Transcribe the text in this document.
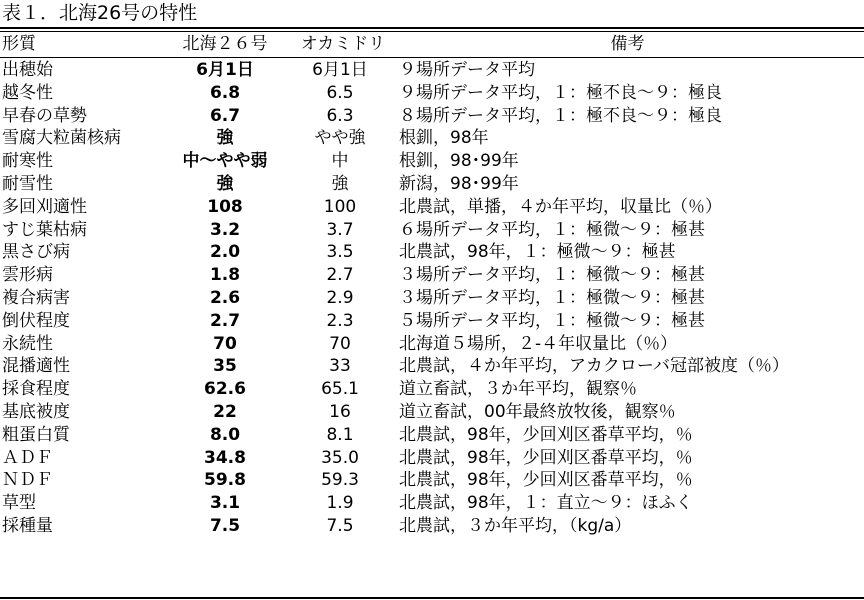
表１．北海26号の特性
形質	北海２６号	オカミドリ	備考
出穂始	6月1日	6月1日	９場所データ平均
越冬性	6.8	6.5	９場所データ平均，１：極不良～９：極良
早春の草勢	6.7	6.3	８場所データ平均，１：極不良～９：極良
雪腐大粒菌核病	強	やや強	根釧，98年
耐寒性	中～やや弱	中	根釧，98･99年
耐雪性	強	強	新潟，98･99年
多回刈適性	108	100	北農試，単播，４か年平均，収量比（％）
すじ葉枯病	3.2	3.7	６場所データ平均，１：極微～９：極甚
黒さび病	2.0	3.5	北農試，98年，１：極微～９：極甚
雲形病	1.8	2.7	３場所データ平均，１：極微～９：極甚
複合病害	2.6	2.9	３場所データ平均，１：極微～９：極甚
倒伏程度	2.7	2.3	５場所データ平均，１：極微～９：極甚
永続性	70	70	北海道５場所，２-４年収量比（％）
混播適性	35	33	北農試，４か年平均，アカクローバ冠部被度（％）
採食程度	62.6	65.1	道立畜試，３か年平均，観察％
基底被度	22	16	道立畜試，00年最終放牧後，観察％
粗蛋白質	8.0	8.1	北農試，98年，少回刈区番草平均，％
ＡＤＦ	34.8	35.0	北農試，98年，少回刈区番草平均，％
ＮＤＦ	59.8	59.3	北農試，98年，少回刈区番草平均，％
草型	3.1	1.9	北農試，98年，１：直立～９：ほふく
採種量	7.5	7.5	北農試，３か年平均，（kg/a）
